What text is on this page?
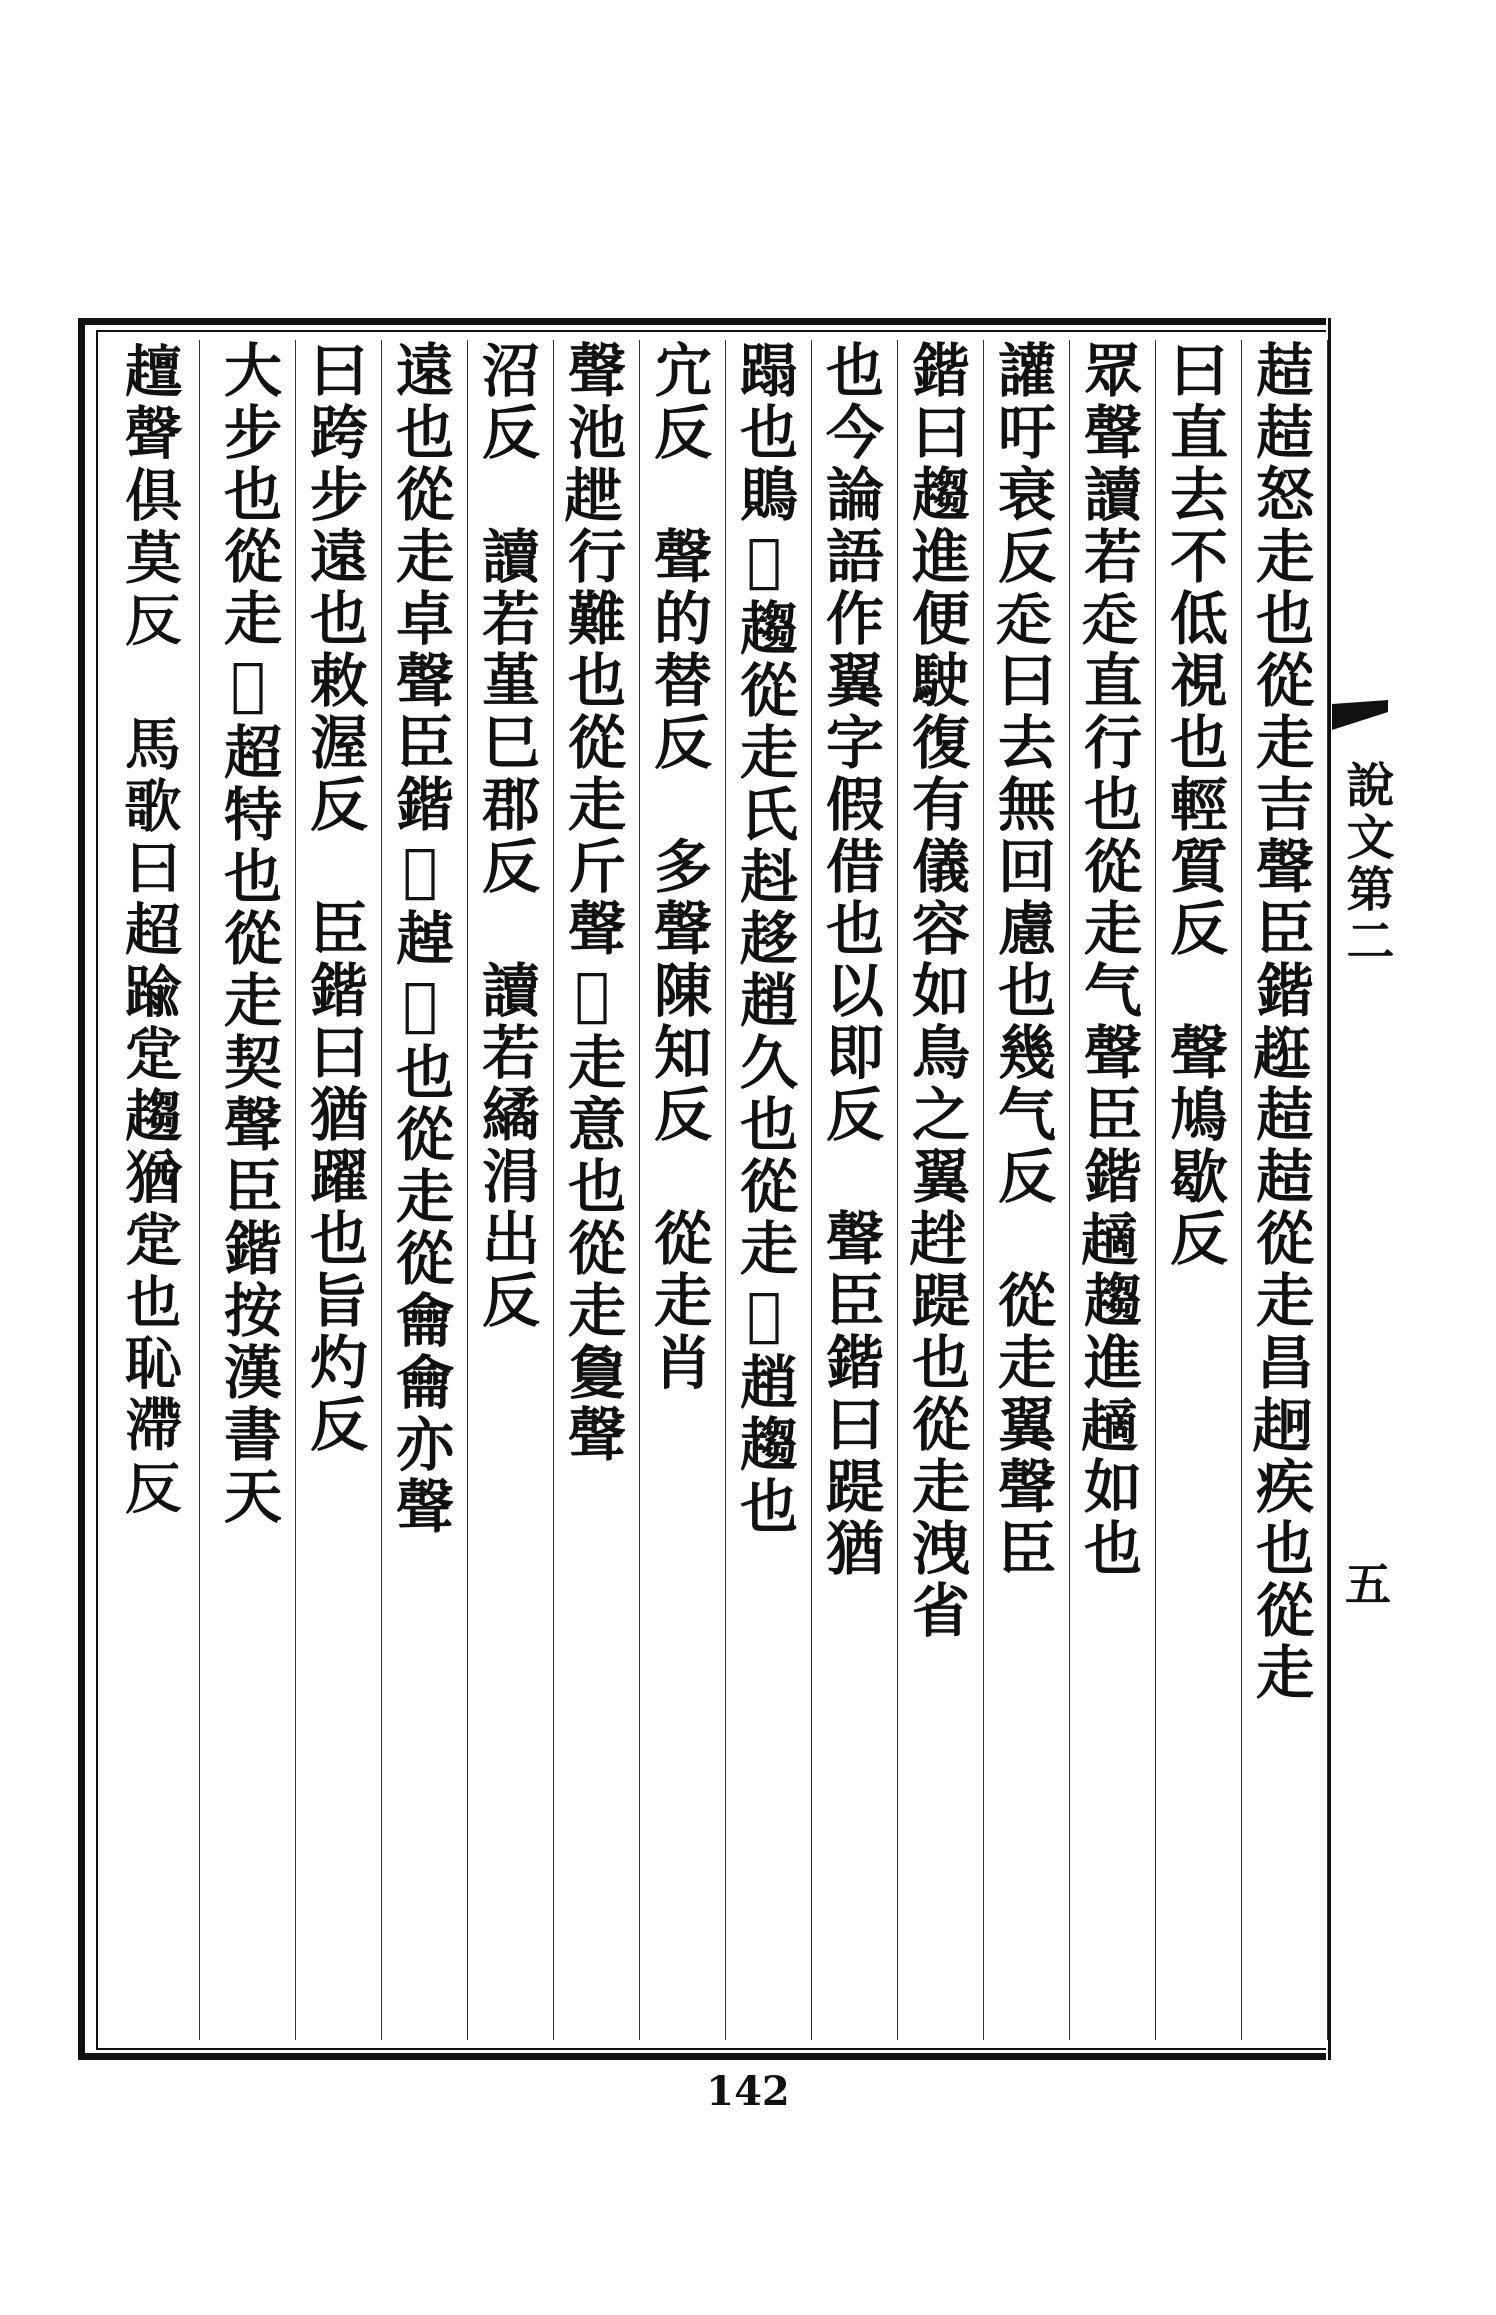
說文第二
五
趌趌怒走也從走吉聲臣鍇𧻺趌趌從走昌𧺸疾也從走
曰直去不低視也輕質反　聲鳩歇反
眾聲讀若𧺆直行也從走气聲臣鍇𧽦趨進𧽦如也
讙吁衰反𧺆曰去無回慮也幾气反　從走翼聲臣
鍇曰趨進便駛復有儀容如鳥之翼𧺾踶也從走洩省
也今論語作翼字假借也以即反　聲臣鍇曰踶猶
蹋也鵙𧺳趨從走氏𧺯趍趙久也從走𧽺趙趨也
宂反　聲的替反　多聲陳知反　從走肖
聲池𧺿行難也從走斤聲𧾈走意也從走敻聲
沼反　讀若堇巳郡反　讀若繘涓出反
遠也從走卓聲臣鍇𧾞趠𧾞也從走從龠龠亦聲
曰跨步遠也敕渥反　臣鍇曰猶躍也旨灼反
大步也從走𧺑超特也從走契聲臣鍇按漢書天
𧾍聲俱莫反　馬歌曰超踰䟫趨猶䟫也恥滯反
142
